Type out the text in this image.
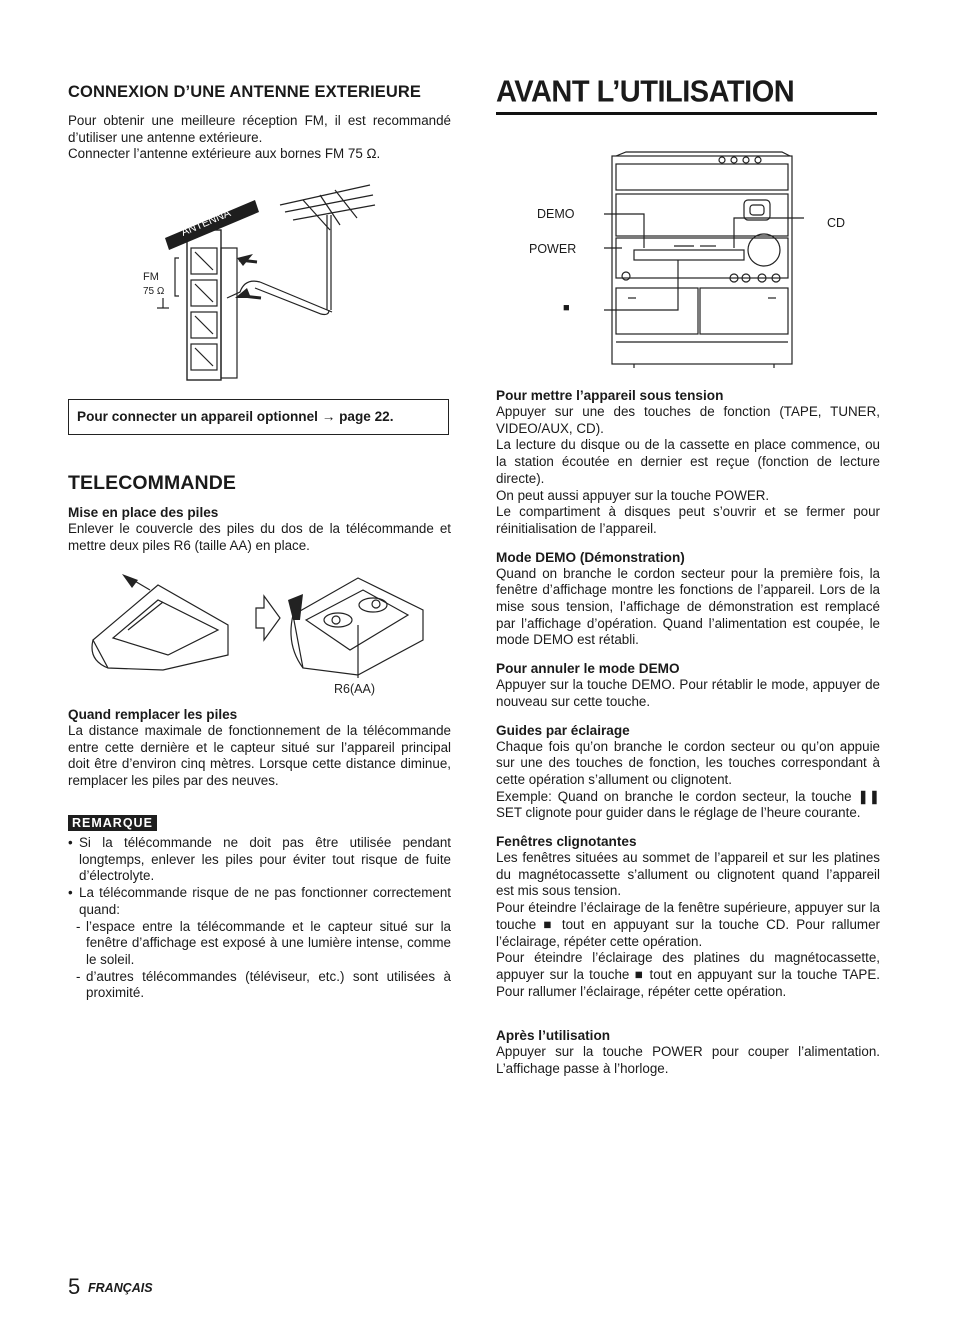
CONNEXION D’UNE ANTENNE EXTERIEURE

Pour obtenir une meilleure réception FM, il est recommandé d’utiliser une antenne extérieure.

Connecter l’antenne extérieure aux bornes FM 75 Ω.

ANTENNA
FM
75 Ω
Pour connecter un appareil optionnel → page 22.
TELECOMMANDE

Mise en place des piles

Enlever le couvercle des piles du dos de la télécommande et mettre deux piles R6 (taille AA) en place.

R6(AA)

Quand remplacer les piles

La distance maximale de fonctionnement de la télécommande entre cette dernière et le capteur situé sur l’appareil principal doit être d’environ cinq mètres. Lorsque cette distance diminue, remplacer les piles par des neuves.

REMARQUE
• Si la télécommande ne doit pas être utilisée pendant longtemps, enlever les piles pour éviter tout risque de fuite d’électrolyte.
• La télécommande risque de ne pas fonctionner correctement quand:
- l’espace entre la télécommande et le capteur situé sur la fenêtre d’affichage est exposé à une lumière intense, comme le soleil.
- d’autres télécommandes (téléviseur, etc.) sont utilisées à proximité.
AVANT L’UTILISATION
DEMO
POWER
CD
■

Pour mettre l’appareil sous tension

Appuyer sur une des touches de fonction (TAPE, TUNER, VIDEO/AUX, CD).

La lecture du disque ou de la cassette en place commence, ou la station écoutée en dernier est reçue (fonction de lecture directe).

On peut aussi appuyer sur la touche POWER.

Le compartiment à disques peut s’ouvrir et se fermer pour réinitialisation de l’appareil.

Mode DEMO (Démonstration)

Quand on branche le cordon secteur pour la première fois, la fenêtre d’affichage montre les fonctions de l’appareil. Lors de la mise sous tension, l’affichage de démonstration est remplacé par l’affichage d’opération. Quand l’alimentation est coupée, le mode DEMO est rétabli.

Pour annuler le mode DEMO

Appuyer sur la touche DEMO. Pour rétablir le mode, appuyer de nouveau sur cette touche.

Guides par éclairage

Chaque fois qu’on branche le cordon secteur ou qu’on appuie sur une des touches de fonction, les touches correspondant à cette opération s’allument ou clignotent.

Exemple: Quand on branche le cordon secteur, la touche ❚❚ SET clignote pour guider dans le réglage de l’heure courante.

Fenêtres clignotantes

Les fenêtres situées au sommet de l’appareil et sur les platines du magnétocassette s’allument ou clignotent quand l’appareil est mis sous tension.

Pour éteindre l’éclairage de la fenêtre supérieure, appuyer sur la touche ■ tout en appuyant sur la touche CD. Pour rallumer l’éclairage, répéter cette opération.

Pour éteindre l’éclairage des platines du magnétocassette, appuyer sur la touche ■ tout en appuyant sur la touche TAPE. Pour rallumer l’éclairage, répéter cette opération.

Après l’utilisation

Appuyer sur la touche POWER pour couper l’alimentation. L’affichage passe à l’horloge.

5 FRANÇAIS
